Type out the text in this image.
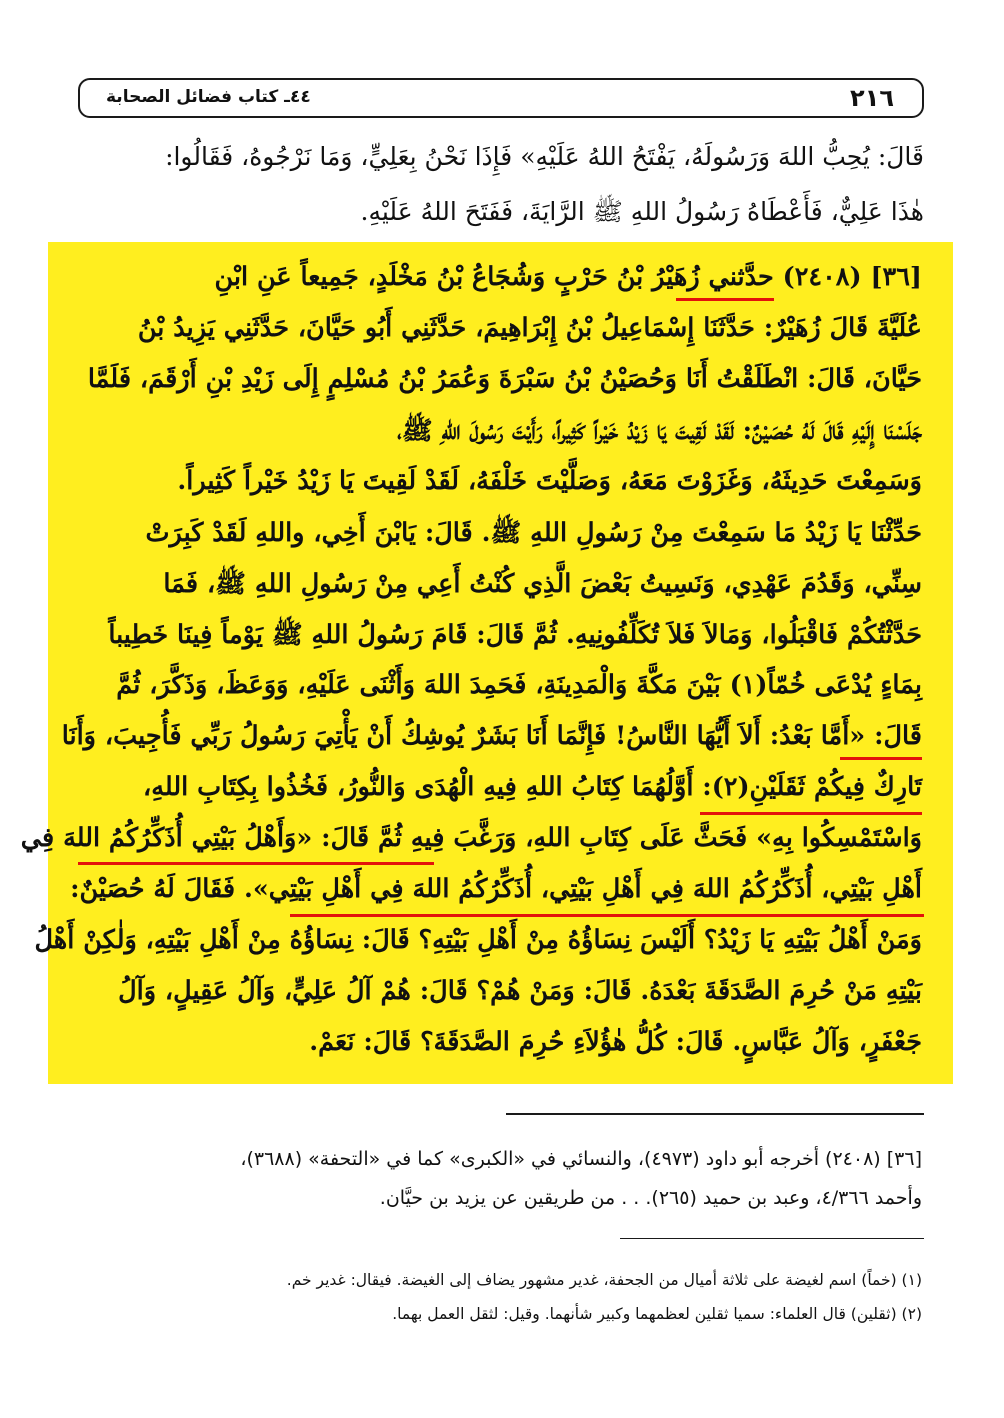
٢١٦
٤٤ـ كتاب فضائل الصحابة
قَالَ: يُحِبُّ اللهَ وَرَسُولَهُ، يَفْتَحُ اللهُ عَلَيْهِ» فَإِذَا نَحْنُ بِعَلِيٍّ، وَمَا نَرْجُوهُ، فَقَالُوا:
هٰذَا عَلِيٌّ، فَأَعْطَاهُ رَسُولُ اللهِ ﷺ الرَّايَةَ، فَفَتَحَ اللهُ عَلَيْهِ.
[٣٦] (٢٤٠٨) حدَّثني زُهَيْرُ بْنُ حَرْبٍ وَشُجَاعُ بْنُ مَخْلَدٍ، جَمِيعاً عَنِ ابْنِ
عُلَيَّةَ قَالَ زُهَيْرٌ: حَدَّثَنَا إِسْمَاعِيلُ بْنُ إِبْرَاهِيمَ، حَدَّثَنِي أَبُو حَيَّانَ، حَدَّثَنِي يَزِيدُ بْنُ
حَيَّانَ، قَالَ: انْطَلَقْتُ أَنَا وَحُصَيْنُ بْنُ سَبْرَةَ وَعُمَرُ بْنُ مُسْلِمٍ إِلَى زَيْدِ بْنِ أَرْقَمَ، فَلَمَّا
جَلَسْنَا إِلَيْهِ قَالَ لَهُ حُصَيْنٌ: لَقَدْ لَقِيتَ يَا زَيْدُ خَيْراً كَثِيراً، رَأَيْتَ رَسُولَ اللهِ ﷺ،
وَسَمِعْتَ حَدِيثَهُ، وَغَزَوْتَ مَعَهُ، وَصَلَّيْتَ خَلْفَهُ، لَقَدْ لَقِيتَ يَا زَيْدُ خَيْراً كَثِيراً.
حَدِّثْنَا يَا زَيْدُ مَا سَمِعْتَ مِنْ رَسُولِ اللهِ ﷺ. قَالَ: يَابْنَ أَخِي، واللهِ لَقَدْ كَبِرَتْ
سِنِّي، وَقَدُمَ عَهْدِي، وَنَسِيتُ بَعْضَ الَّذِي كُنْتُ أَعِي مِنْ رَسُولِ اللهِ ﷺ، فَمَا
حَدَّثْتُكُمْ فَاقْبَلُوا، وَمَالاَ فَلاَ تُكَلِّفُونِيهِ. ثُمَّ قَالَ: قَامَ رَسُولُ اللهِ ﷺ يَوْماً فِينَا خَطِيباً
بِمَاءٍ يُدْعَى خُمّاً(١) بَيْنَ مَكَّةَ وَالْمَدِينَةِ، فَحَمِدَ اللهَ وَأَثْنَى عَلَيْهِ، وَوَعَظَ، وَذَكَّرَ، ثُمَّ
قَالَ: «أَمَّا بَعْدُ: أَلاَ أَيُّهَا النَّاسُ! فَإِنَّمَا أَنَا بَشَرٌ يُوشِكُ أَنْ يَأْتِيَ رَسُولُ رَبِّي فَأُجِيبَ، وَأَنَا
تَارِكٌ فِيكُمْ ثَقَلَيْنِ(٢): أَوَّلُهُمَا كِتَابُ اللهِ فِيهِ الْهُدَى وَالنُّورُ، فَخُذُوا بِكِتَابِ اللهِ،
وَاسْتَمْسِكُوا بِهِ» فَحَثَّ عَلَى كِتَابِ اللهِ، وَرَغَّبَ فِيهِ ثُمَّ قَالَ: «وَأَهْلُ بَيْتِي أُذَكِّرُكُمُ اللهَ فِي
أَهْلِ بَيْتِي، أُذَكِّرُكُمُ اللهَ فِي أَهْلِ بَيْتِي، أُذَكِّرُكُمُ اللهَ فِي أَهْلِ بَيْتِي». فَقَالَ لَهُ حُصَيْنٌ:
وَمَنْ أَهْلُ بَيْتِهِ يَا زَيْدُ؟ أَلَيْسَ نِسَاؤُهُ مِنْ أَهْلِ بَيْتِهِ؟ قَالَ: نِسَاؤُهُ مِنْ أَهْلِ بَيْتِهِ، وَلٰكِنْ أَهْلُ
بَيْتِهِ مَنْ حُرِمَ الصَّدَقَةَ بَعْدَهُ. قَالَ: وَمَنْ هُمْ؟ قَالَ: هُمْ آلُ عَلِيٍّ، وَآلُ عَقِيلٍ، وَآلُ
جَعْفَرٍ، وَآلُ عَبَّاسٍ. قَالَ: كُلُّ هٰؤُلاَءِ حُرِمَ الصَّدَقَةَ؟ قَالَ: نَعَمْ.
[٣٦] (٢٤٠٨) أخرجه أبو داود (٤٩٧٣)، والنسائي في «الكبرى» كما في «التحفة» (٣٦٨٨)،
وأحمد ٤/٣٦٦، وعبد بن حميد (٢٦٥). . . من طريقين عن يزيد بن حيَّان.
(١) (خماً) اسم لغيضة على ثلاثة أميال من الجحفة، غدير مشهور يضاف إلى الغيضة. فيقال: غدير خم.
(٢) (ثقلين) قال العلماء: سميا ثقلين لعظمهما وكبير شأنهما. وقيل: لثقل العمل بهما.
